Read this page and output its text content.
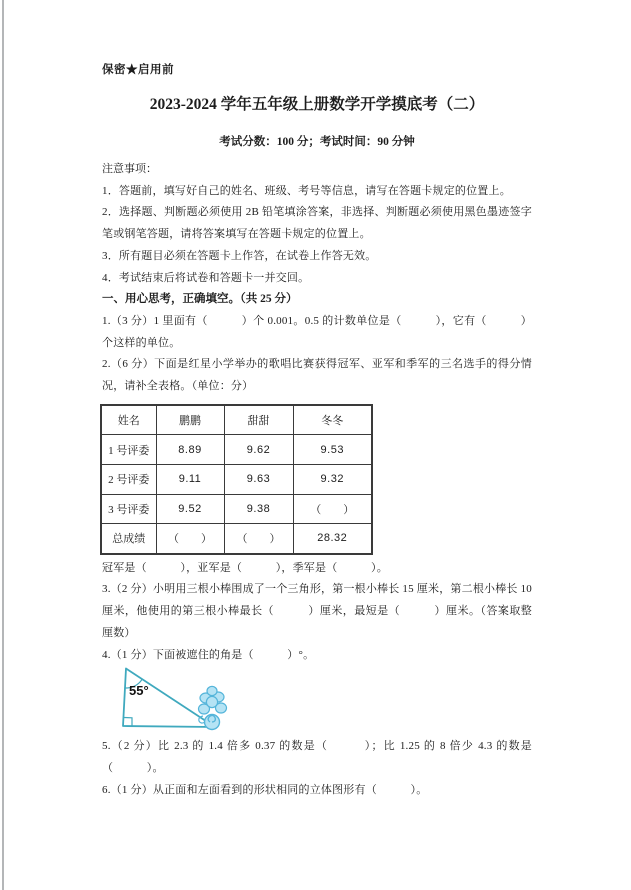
保密★启用前
2023-2024 学年五年级上册数学开学摸底考（二）
考试分数：100 分；考试时间：90 分钟
注意事项：

1．答题前，填写好自己的姓名、班级、考号等信息，请写在答题卡规定的位置上。

2．选择题、判断题必须使用 2B 铅笔填涂答案，非选择、判断题必须使用黑色墨迹签字笔或钢笔答题，请将答案填写在答题卡规定的位置上。

3．所有题目必须在答题卡上作答，在试卷上作答无效。

4．考试结束后将试卷和答题卡一并交回。

一、用心思考，正确填空。（共 25 分）

1.（3 分）1 里面有（　　　）个 0.001。0.5 的计数单位是（　　　），它有（　　　）个这样的单位。

2.（6 分）下面是红星小学举办的歌唱比赛获得冠军、亚军和季军的三名选手的得分情况，请补全表格。（单位：分）

姓名	鹏鹏	甜甜	冬冬
1 号评委	8.89	9.62	9.53
2 号评委	9.11	9.63	9.32
3 号评委	9.52	9.38	（　　）
总成绩	（　　）	（　　）	28.32

冠军是（　　　），亚军是（　　　），季军是（　　　）。

3.（2 分）小明用三根小棒围成了一个三角形，第一根小棒长 15 厘米，第二根小棒长 10 厘米，他使用的第三根小棒最长（　　　）厘米，最短是（　　　）厘米。（答案取整厘数）

4.（1 分）下面被遮住的角是（　　　）°。

55°

5.（2 分）比 2.3 的 1.4 倍多 0.37 的数是（　　　）；比 1.25 的 8 倍少 4.3 的数是（　　　）。

6.（1 分）从正面和左面看到的形状相同的立体图形有（　　　）。
